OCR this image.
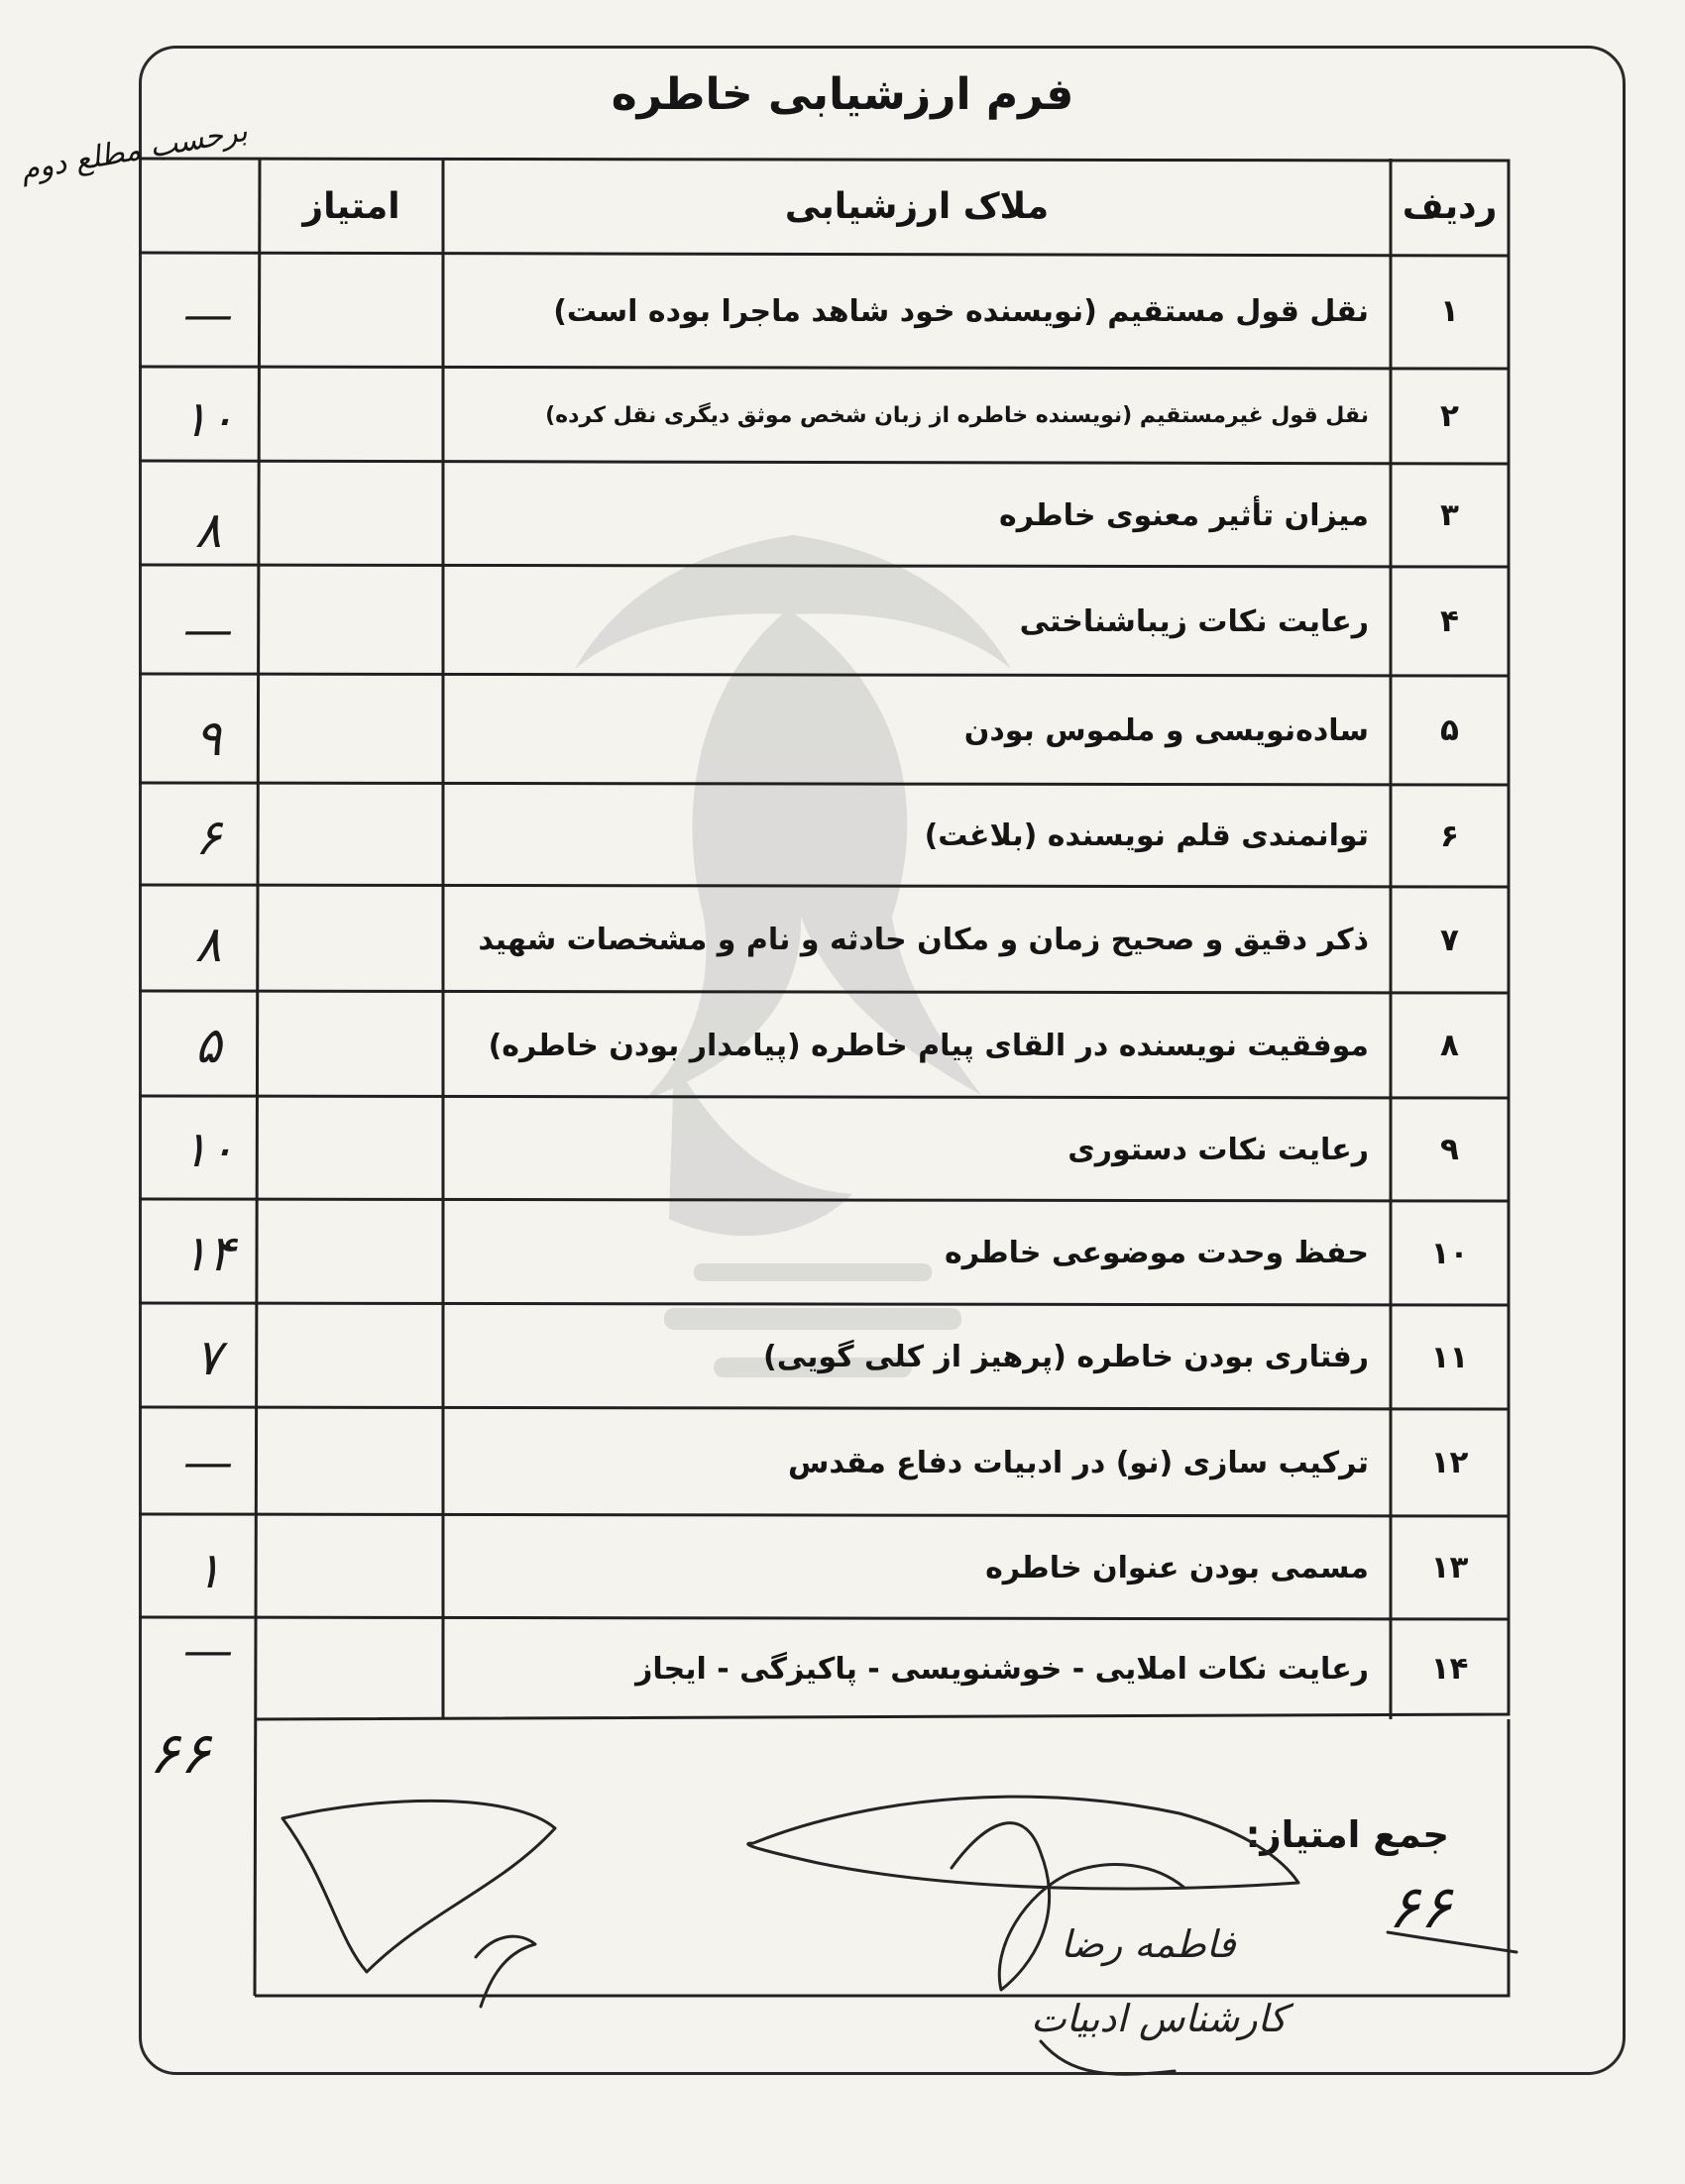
فرم ارزشیابی خاطره
ردیف
ملاک ارزشیابی
امتیاز
۱
نقل قول مستقیم (نویسنده خود شاهد ماجرا بوده است)
۲
نقل قول غیرمستقیم (نویسنده خاطره از زبان شخص موثق دیگری نقل کرده)
۳
میزان تأثیر معنوی خاطره
۴
رعایت نکات زیباشناختی
۵
ساده‌نویسی و ملموس بودن
۶
توانمندی قلم نویسنده (بلاغت)
۷
ذکر دقیق و صحیح زمان و مکان حادثه و نام و مشخصات شهید
۸
موفقیت نویسنده در القای پیام خاطره (پیامدار بودن خاطره)
۹
رعایت نکات دستوری
۱۰
حفظ وحدت موضوعی خاطره
۱۱
رفتاری بودن خاطره (پرهیز از کلی گویی)
۱۲
ترکیب سازی (نو) در ادبیات دفاع مقدس
۱۳
مسمی بودن عنوان خاطره
۱۴
رعایت نکات املایی - خوشنویسی - پاکیزگی - ایجاز
—
۱۰
۸
—
۹
۶
۸
۵
۱۰
۱۴
۷
—
۱
—
برحسب مطلع دوم
۶۶
جمع امتیاز:
۶۶
فاطمه رضا
کارشناس ادبیات
